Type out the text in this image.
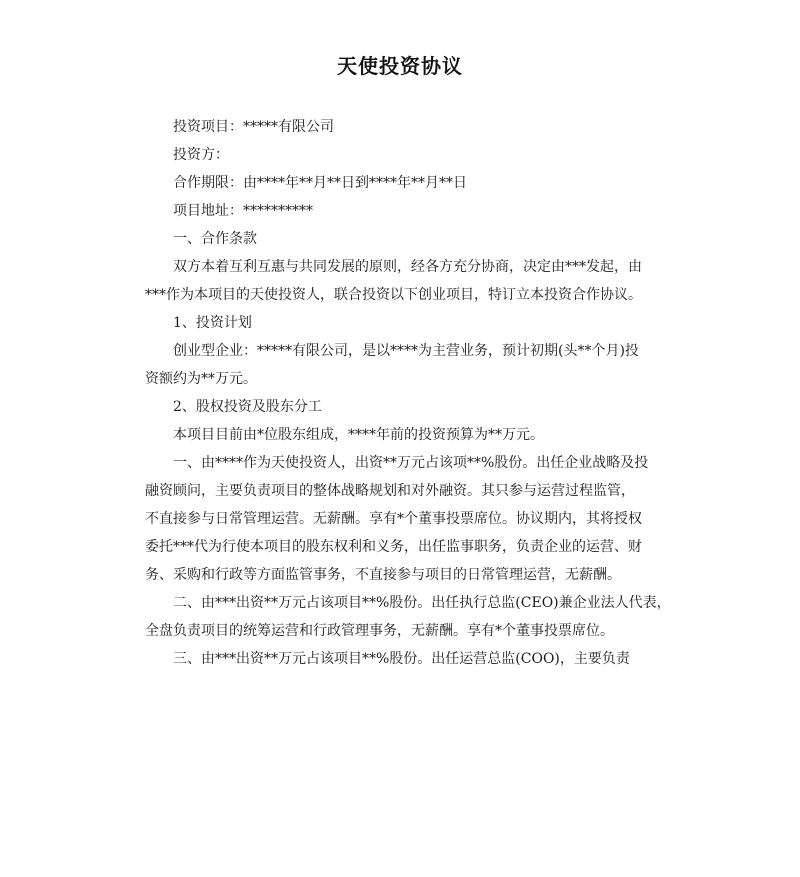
天使投资协议

投资项目：*****有限公司

投资方：

合作期限：由****年**月**日到****年**月**日

项目地址：**********

一、合作条款

双方本着互利互惠与共同发展的原则，经各方充分协商，决定由***发起，由
***作为本项目的天使投资人，联合投资以下创业项目，特订立本投资合作协议。

1、投资计划

创业型企业：*****有限公司，是以****为主营业务，预计初期(头**个月)投
资额约为**万元。

2、股权投资及股东分工

本项目目前由*位股东组成，****年前的投资预算为**万元。

一、由****作为天使投资人，出资**万元占该项**%股份。出任企业战略及投
融资顾问，主要负责项目的整体战略规划和对外融资。其只参与运营过程监管，
不直接参与日常管理运营。无薪酬。享有*个董事投票席位。协议期内，其将授权
委托***代为行使本项目的股东权利和义务，出任监事职务，负责企业的运营、财
务、采购和行政等方面监管事务，不直接参与项目的日常管理运营，无薪酬。

二、由***出资**万元占该项目**%股份。出任执行总监(CEO)兼企业法人代表，
全盘负责项目的统筹运营和行政管理事务，无薪酬。享有*个董事投票席位。

三、由***出资**万元占该项目**%股份。出任运营总监(COO)，主要负责
